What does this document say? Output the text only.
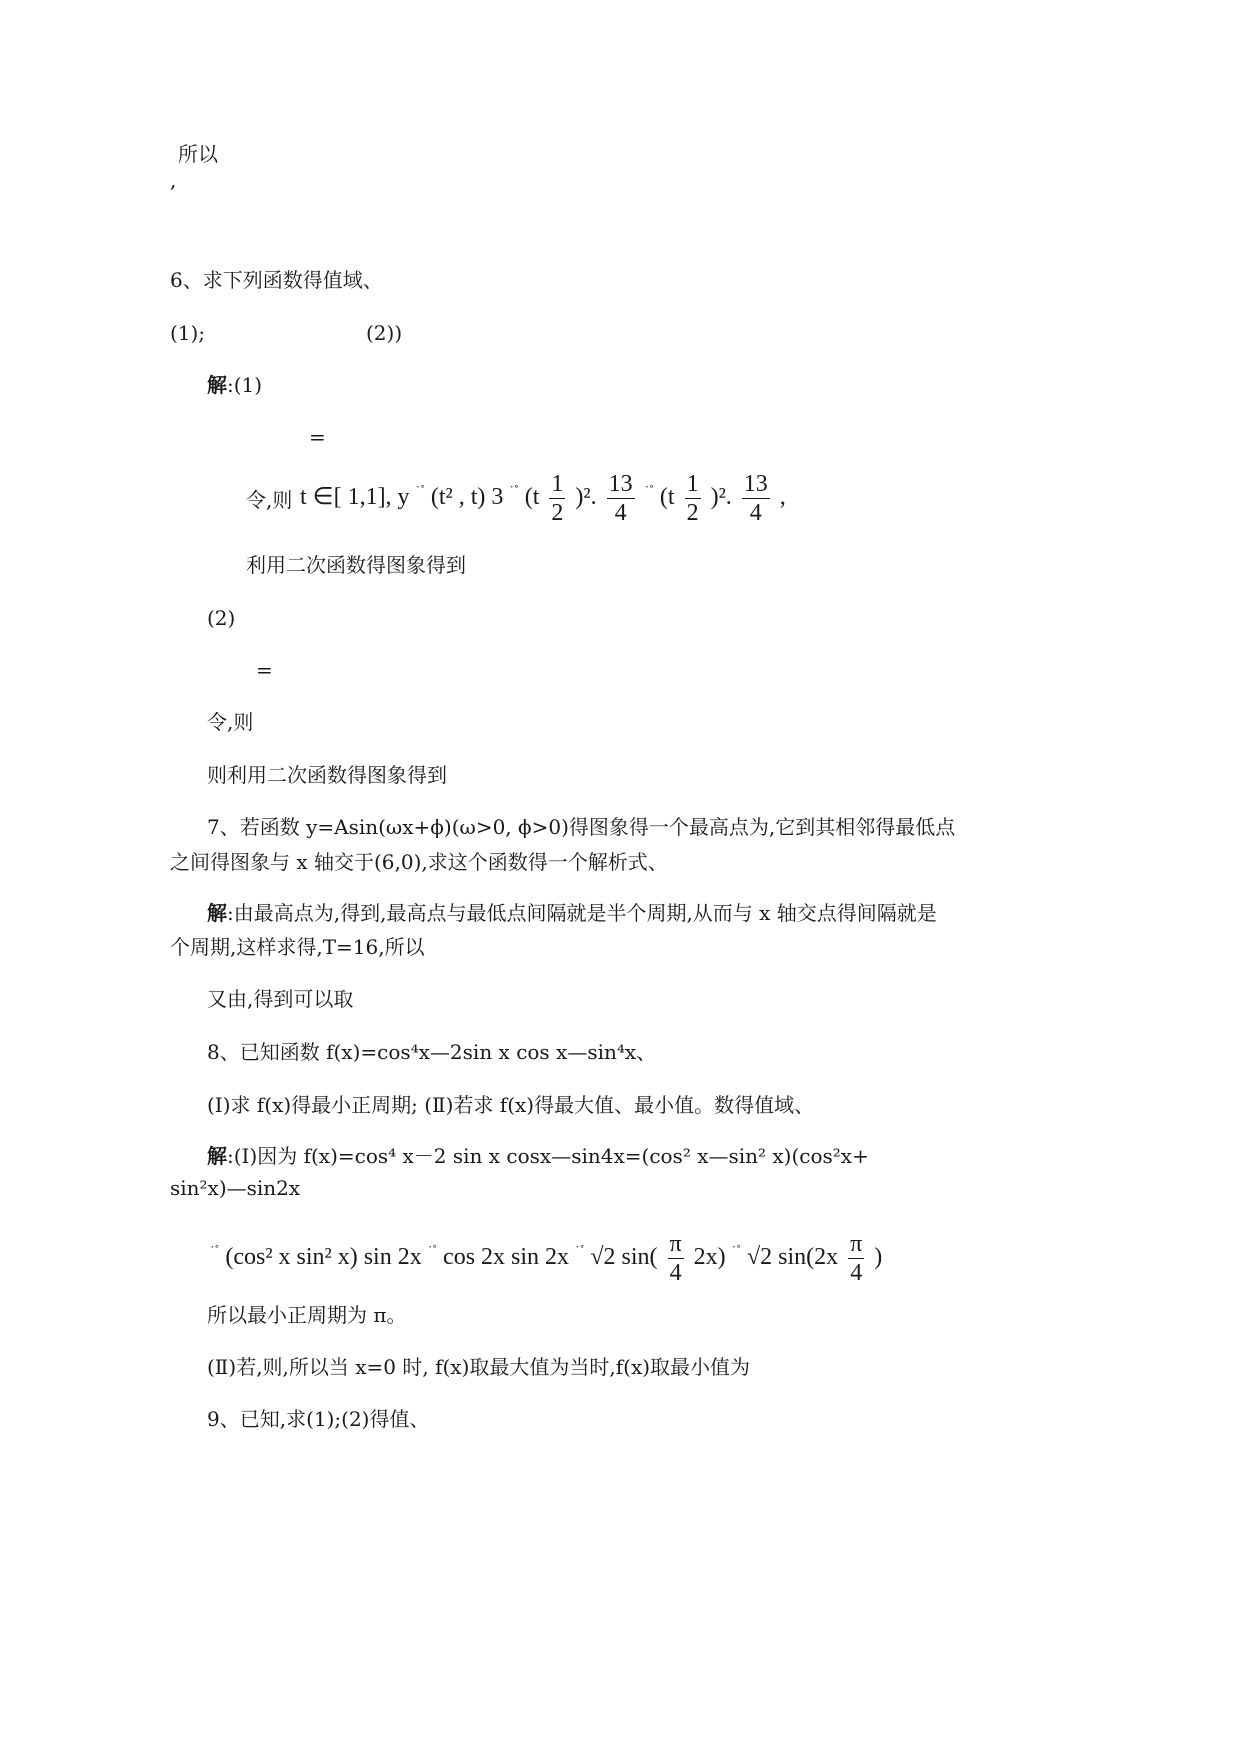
所以
,
6、求下列函数得值域、
(1);	(2))
解:(1)
=
令,则 t ∈[ 1,1], y ˙˚ (t² , t) 3 ˙˚ $(t \frac{1}{2} )^2$. $\frac{13}{4} ^{˙˚}$ $(t \frac{1}{2} )^2$. $\frac{13}{4}$ ,
利用二次函数得图象得到
(2)
=
令,则
则利用二次函数得图象得到
7、若函数 y=Asin(ωx+ϕ)(ω>0, ϕ>0)得图象得一个最高点为,它到其相邻得最低点
之间得图象与 x 轴交于(6,0),求这个函数得一个解析式、
解:由最高点为,得到,最高点与最低点间隔就是半个周期,从而与 x 轴交点得间隔就是
个周期,这样求得,T=16,所以
又由,得到可以取
8、已知函数 f(x)=cos⁴x—2sin x cos x—sin⁴x、
(Ⅰ)求 f(x)得最小正周期; (Ⅱ)若求 f(x)得最大值、最小值。数得值域、
解:(Ⅰ)因为 f(x)=cos⁴ x－2 sin x cosx—sin4x=(cos² x—sin² x)(cos²x+
sin²x)—sin2x
˙˚ (cos² x sin² x) sin 2x ˙˚ cos 2x sin 2x ˙˚ √2 $\sin( \frac{\pi}{4} 2x)$ ˙˚ √2 $\sin(2x \frac{\pi}{4}$ )
所以最小正周期为 π。
(Ⅱ)若,则,所以当 x=0 时, f(x)取最大值为当时,f(x)取最小值为
9、已知,求(1);(2)得值、
